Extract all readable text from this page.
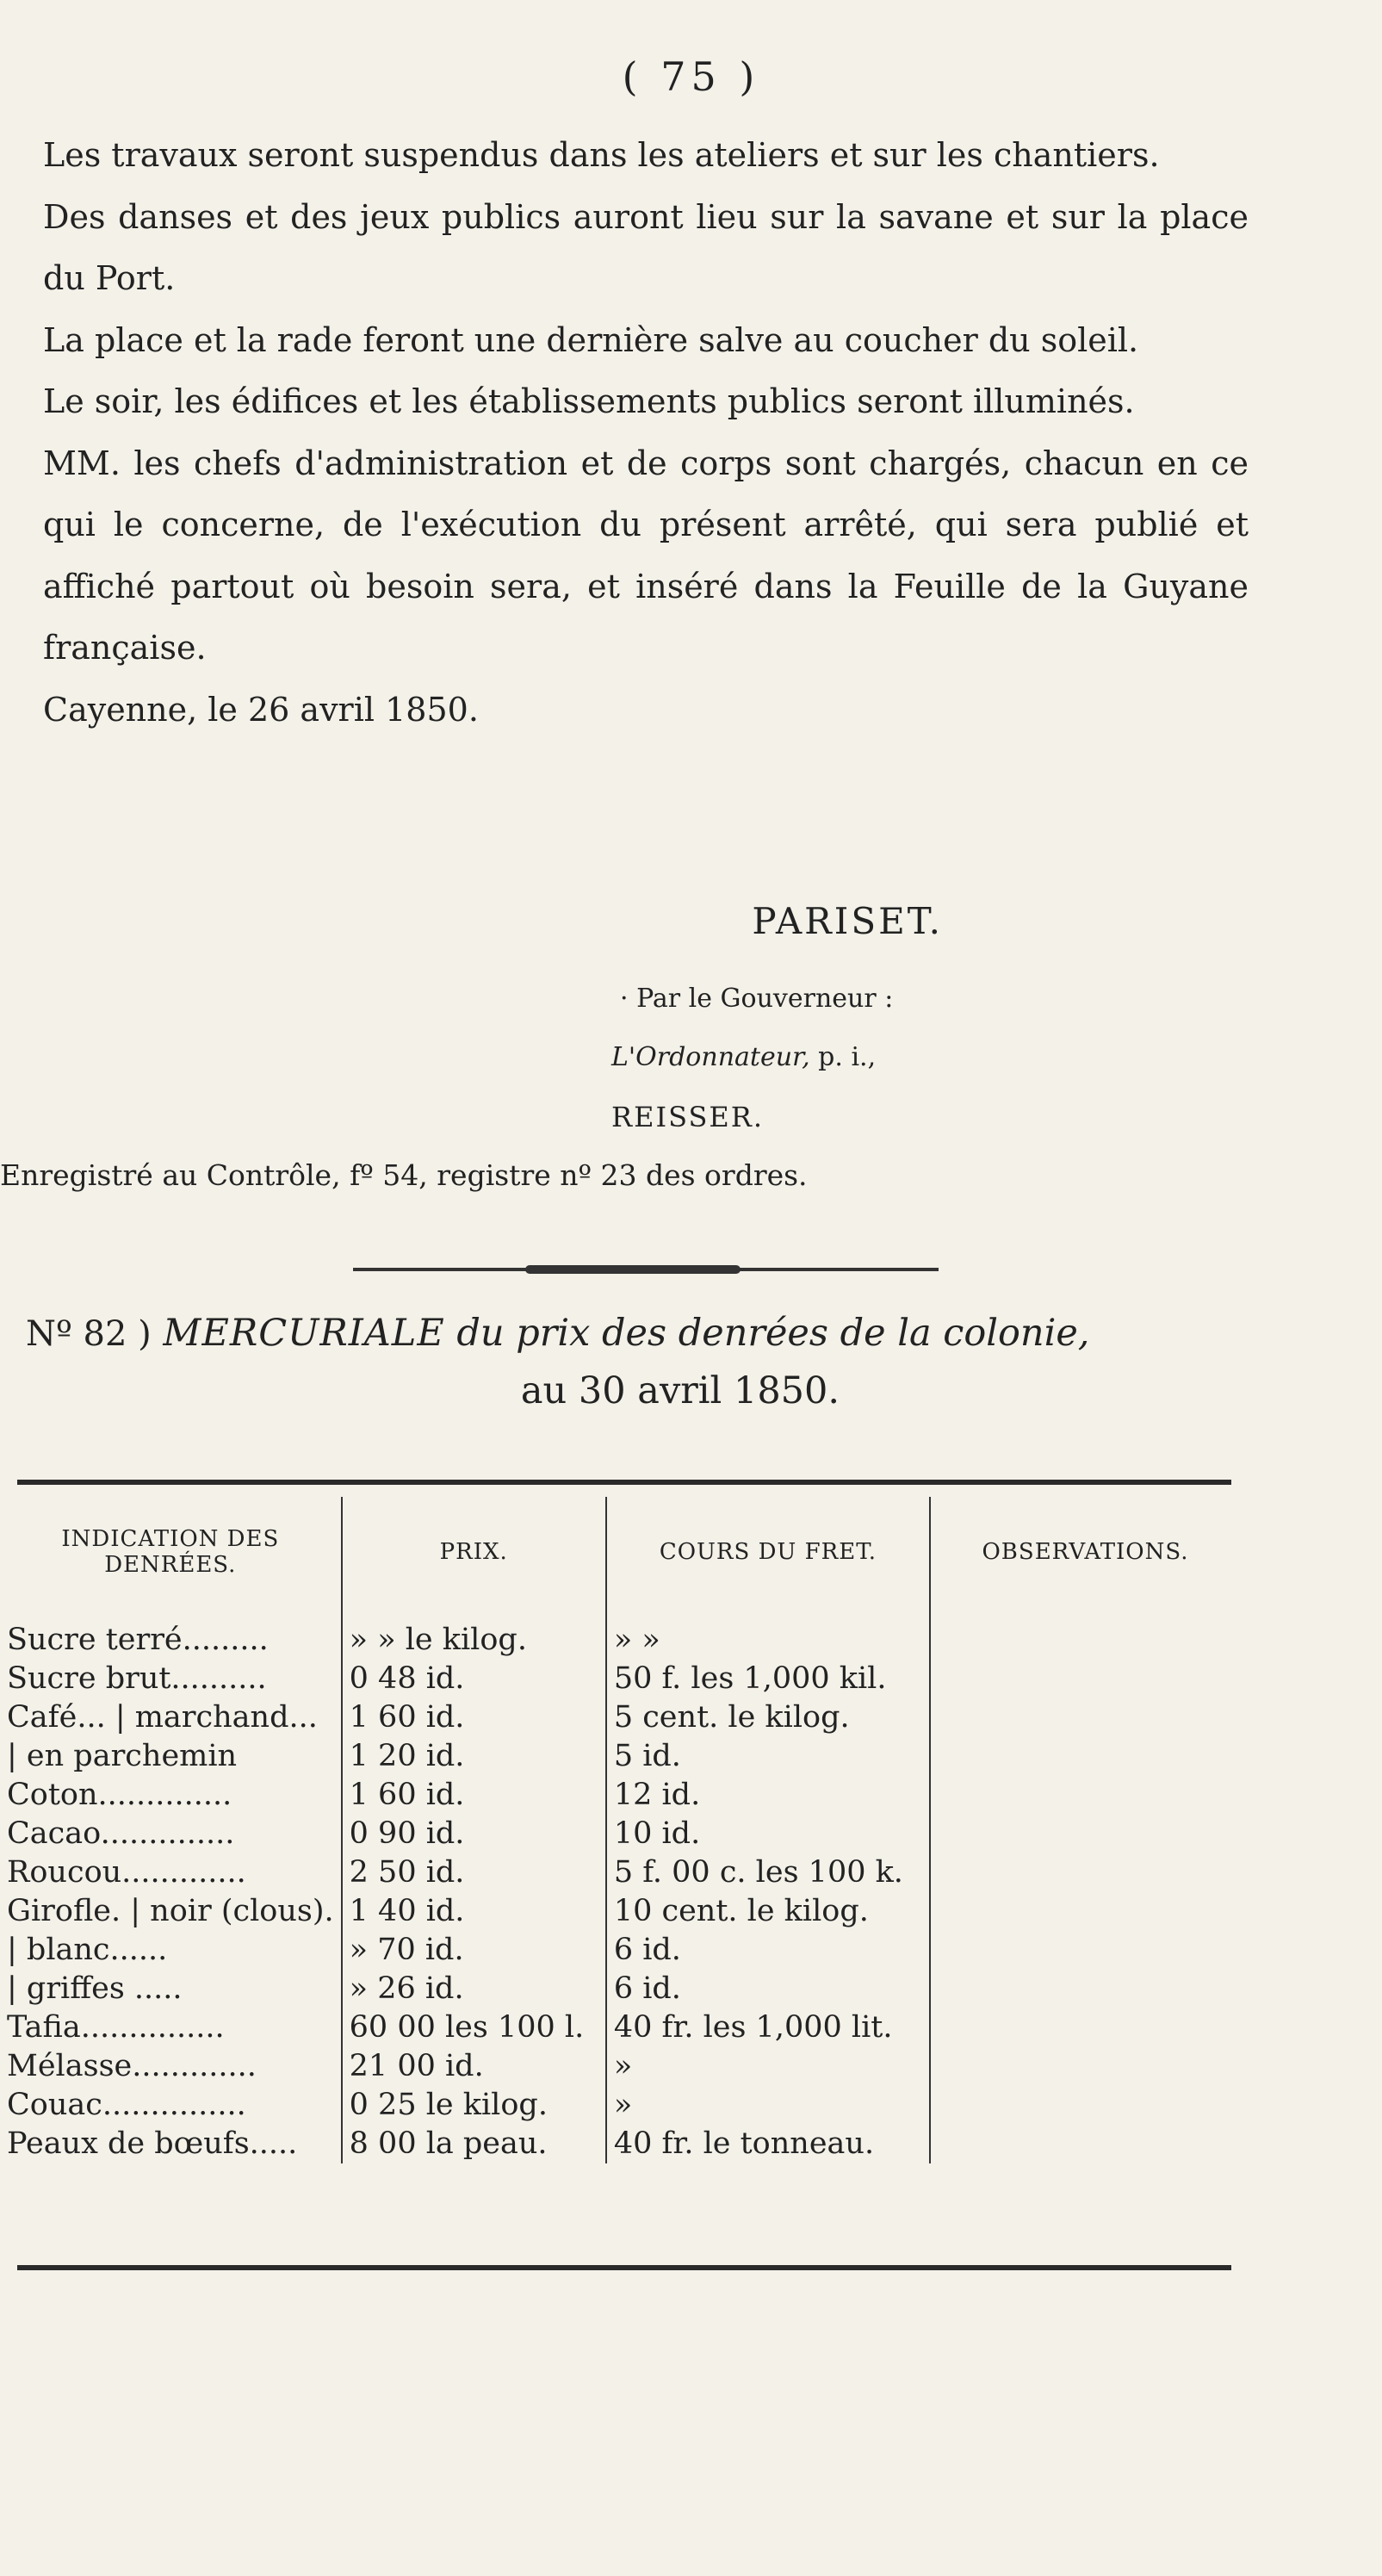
( 75 )

Les travaux seront suspendus dans les ateliers et sur les chantiers.

Des danses et des jeux publics auront lieu sur la savane et sur la place du Port.

La place et la rade feront une dernière salve au coucher du soleil.

Le soir, les édifices et les établissements publics seront illuminés.

MM. les chefs d'administration et de corps sont chargés, chacun en ce qui le concerne, de l'exécution du présent arrêté, qui sera publié et affiché partout où besoin sera, et inséré dans la Feuille de la Guyane française.

Cayenne, le 26 avril 1850.

PARISET.
· Par le Gouverneur :
L'Ordonnateur, p. i.,
REISSER.
Enregistré au Contrôle, fº 54, registre nº 23 des ordres.
Nº 82 ) MERCURIALE du prix des denrées de la colonie,
au 30 avril 1850.
INDICATION DES DENRÉES.	PRIX.	COURS DU FRET.	OBSERVATIONS.
Sucre terré.........	» » le kilog.	» »	
Sucre brut..........	0 48 id.	50 f. les 1,000 kil.	
Café... | marchand...	1 60 id.	5 cent. le kilog.	
| en parchemin	1 20 id.	5 id.	
Coton..............	1 60 id.	12 id.	
Cacao..............	0 90 id.	10 id.	
Roucou.............	2 50 id.	5 f. 00 c. les 100 k.	
Girofle. | noir (clous).	1 40 id.	10 cent. le kilog.	
| blanc......	» 70 id.	6 id.	
| griffes .....	» 26 id.	6 id.	
Tafia...............	60 00 les 100 l.	40 fr. les 1,000 lit.	
Mélasse.............	21 00 id.	»	
Couac...............	0 25 le kilog.	»	
Peaux de bœufs.....	8 00 la peau.	40 fr. le tonneau.	
